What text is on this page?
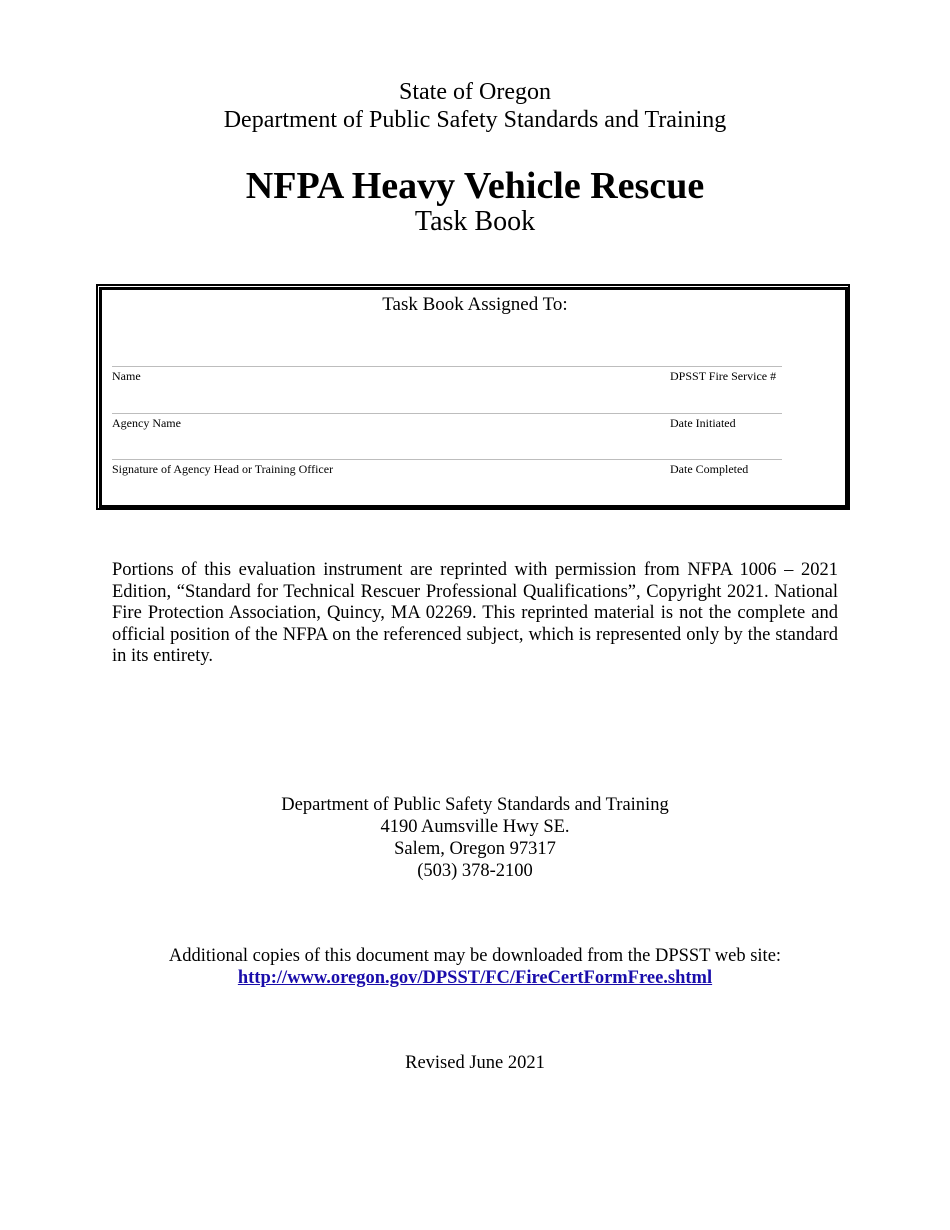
State of Oregon
Department of Public Safety Standards and Training
NFPA Heavy Vehicle Rescue
Task Book
Task Book Assigned To:
Name	DPSST Fire Service #
Agency Name	Date Initiated
Signature of Agency Head or Training Officer	Date Completed
Portions of this evaluation instrument are reprinted with permission from NFPA 1006 – 2021 Edition, “Standard for Technical Rescuer Professional Qualifications”, Copyright 2021. National Fire Protection Association, Quincy, MA 02269. This reprinted material is not the complete and official position of the NFPA on the referenced subject, which is represented only by the standard in its entirety.
Department of Public Safety Standards and Training
4190 Aumsville Hwy SE.
Salem, Oregon 97317
(503) 378-2100
Additional copies of this document may be downloaded from the DPSST web site:
http://www.oregon.gov/DPSST/FC/FireCertFormFree.shtml
Revised June 2021
